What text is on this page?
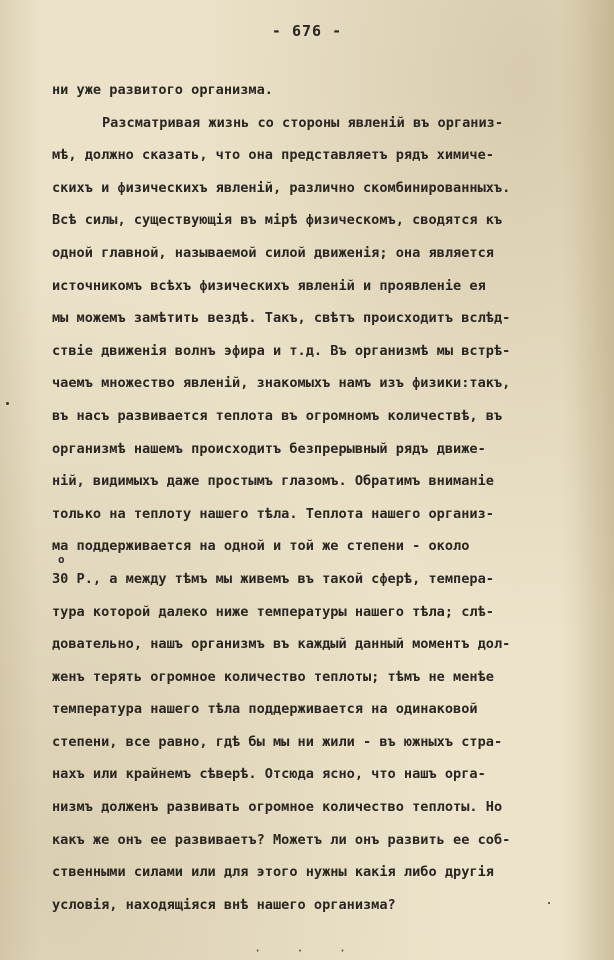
- 676 -
ни уже развитого организма.
Разсматривая жизнь со стороны явленій въ организ-
мѣ, должно сказать, что она представляетъ рядъ химиче-
скихъ и физическихъ явленій, различно скомбинированныхъ.
Всѣ силы, существующія въ мірѣ физическомъ, сводятся къ
одной главной, называемой силой движенія; она является
источникомъ всѣхъ физическихъ явленій и проявленіе ея
мы можемъ замѣтить вездѣ. Такъ, свѣтъ происходитъ вслѣд-
ствіе движенія волнъ эфира и т.д. Въ организмѣ мы встрѣ-
чаемъ множество явленій, знакомыхъ намъ изъ физики:такъ,
въ насъ развивается теплота въ огромномъ количествѣ, въ
организмѣ нашемъ происходитъ безпрерывный рядъ движе-
ній, видимыхъ даже простымъ глазомъ. Обратимъ вниманіе
только на теплоту нашего тѣла. Теплота нашего организ-
ма поддерживается на одной и той же степени - около
30 Р., а между тѣмъ мы живемъ въ такой сферѣ, темпера-
тура которой далеко ниже температуры нашего тѣла; слѣ-
довательно, нашъ организмъ въ каждый данный моментъ дол-
женъ терять огромное количество теплоты; тѣмъ не менѣе
температура нашего тѣла поддерживается на одинаковой
степени, все равно, гдѣ бы мы ни жили - въ южныхъ стра-
нахъ или крайнемъ сѣверѣ. Отсюда ясно, что нашъ орга-
низмъ долженъ развивать огромное количество теплоты. Но
какъ же онъ ее развиваетъ? Можетъ ли онъ развить ее соб-
ственными силами или для этого нужны какія либо другія
условія, находящіяся внѣ нашего организма?
o
· · ·
